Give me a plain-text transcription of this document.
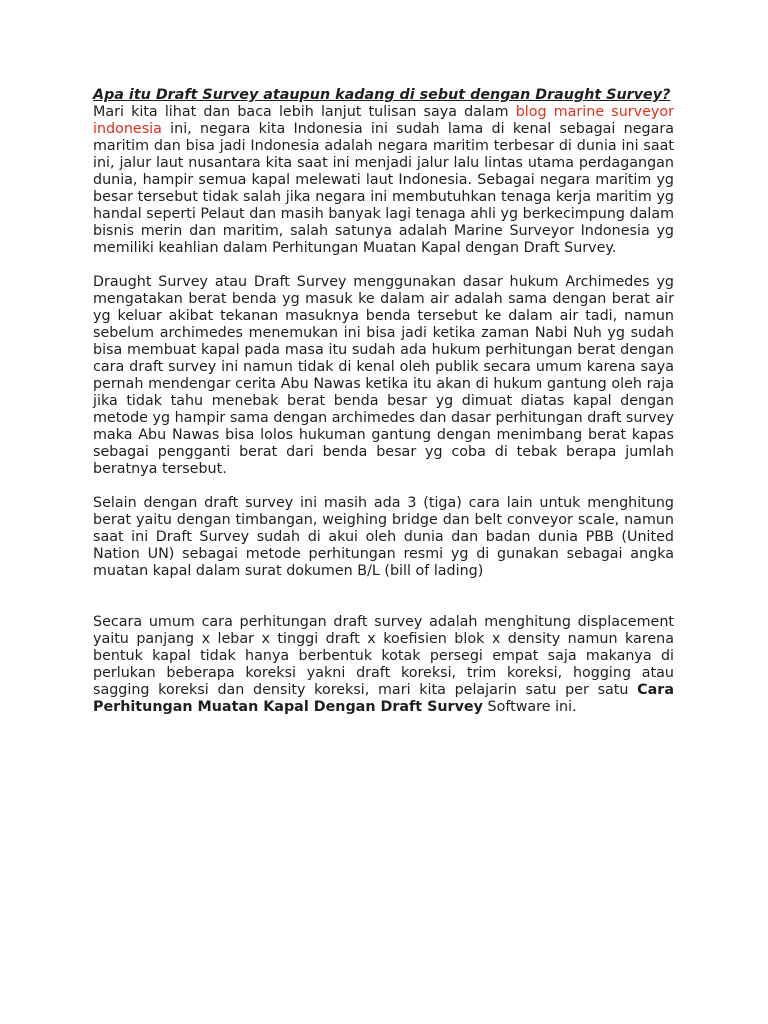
Apa itu Draft Survey ataupun kadang di sebut dengan Draught Survey?

Mari kita lihat dan baca lebih lanjut tulisan saya dalam blog marine surveyor indonesia ini, negara kita Indonesia ini sudah lama di kenal sebagai negara maritim dan bisa jadi Indonesia adalah negara maritim terbesar di dunia ini saat ini, jalur laut nusantara kita saat ini menjadi jalur lalu lintas utama perdagangan dunia, hampir semua kapal melewati laut Indonesia. Sebagai negara maritim yg besar tersebut tidak salah jika negara ini membutuhkan tenaga kerja maritim yg handal seperti Pelaut dan masih banyak lagi tenaga ahli yg berkecimpung dalam bisnis merin dan maritim, salah satunya adalah Marine Surveyor Indonesia yg memiliki keahlian dalam Perhitungan Muatan Kapal dengan Draft Survey.

Draught Survey atau Draft Survey menggunakan dasar hukum Archimedes yg mengatakan berat benda yg masuk ke dalam air adalah sama dengan berat air yg keluar akibat tekanan masuknya benda tersebut ke dalam air tadi, namun sebelum archimedes menemukan ini bisa jadi ketika zaman Nabi Nuh yg sudah bisa membuat kapal pada masa itu sudah ada hukum perhitungan berat dengan cara draft survey ini namun tidak di kenal oleh publik secara umum karena saya pernah mendengar cerita Abu Nawas ketika itu akan di hukum gantung oleh raja jika tidak tahu menebak berat benda besar yg dimuat diatas kapal dengan metode yg hampir sama dengan archimedes dan dasar perhitungan draft survey maka Abu Nawas bisa lolos hukuman gantung dengan menimbang berat kapas sebagai pengganti berat dari benda besar yg coba di tebak berapa jumlah beratnya tersebut.

Selain dengan draft survey ini masih ada 3 (tiga) cara lain untuk menghitung berat yaitu dengan timbangan, weighing bridge dan belt conveyor scale, namun saat ini Draft Survey sudah di akui oleh dunia dan badan dunia PBB (United Nation UN) sebagai metode perhitungan resmi yg di gunakan sebagai angka muatan kapal dalam surat dokumen B/L (bill of lading)

Secara umum cara perhitungan draft survey adalah menghitung displacement yaitu panjang x lebar x tinggi draft x koefisien blok x density namun karena bentuk kapal tidak hanya berbentuk kotak persegi empat saja makanya di perlukan beberapa koreksi yakni draft koreksi, trim koreksi, hogging atau sagging koreksi dan density koreksi, mari kita pelajarin satu per satu Cara Perhitungan Muatan Kapal Dengan Draft Survey Software ini.
